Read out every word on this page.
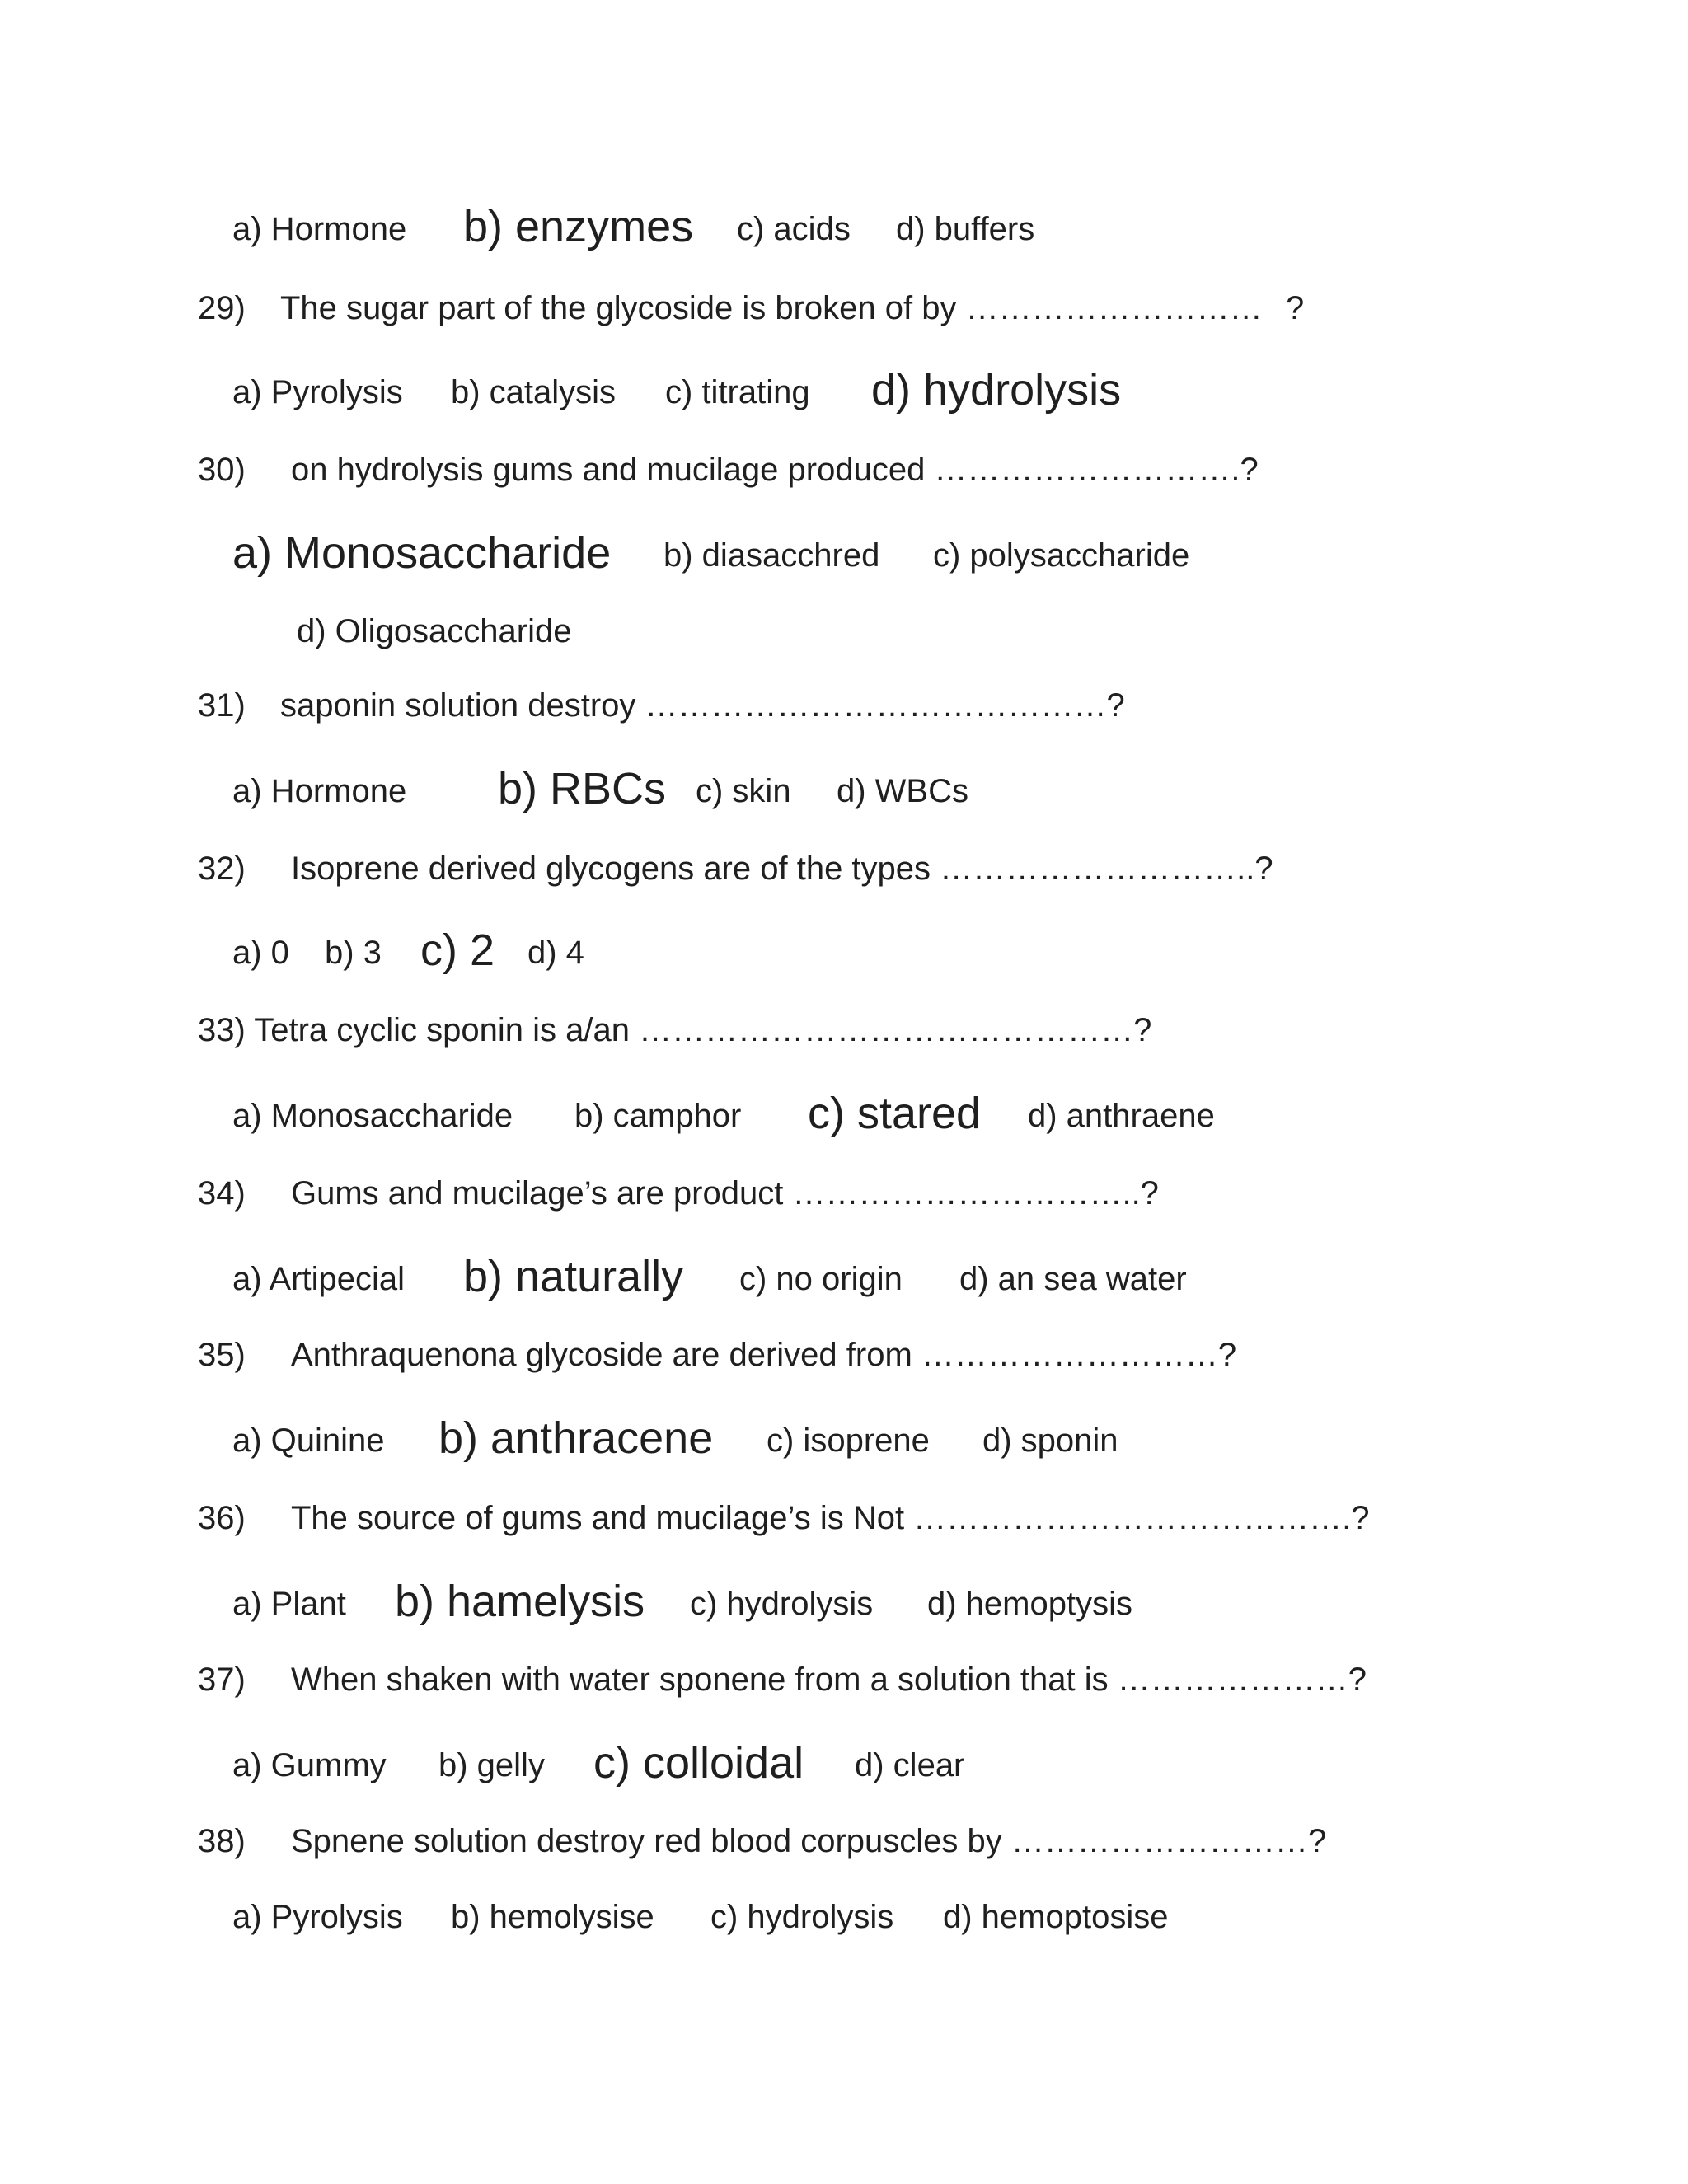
a) Hormone b) enzymes c) acids d) buffers
29) The sugar part of the glycoside is broken of by ……………………… ?
a) Pyrolysis b) catalysis c) titrating d) hydrolysis
30) on hydrolysis gums and mucilage produced ……………………….?
a) Monosaccharide b) diasacchred c) polysaccharide
d) Oligosaccharide
31) saponin solution destroy ……………………………………?
a) Hormone b) RBCs c) skin d) WBCs
32) Isoprene derived glycogens are of the types ………………………..?
a) 0 b) 3 c) 2 d) 4
33) Tetra cyclic sponin is a/an ………………………………………?
a) Monosaccharide b) camphor c) stared d) anthraene
34) Gums and mucilage’s are product …………………………..?
a) Artipecial b) naturally c) no origin d) an sea water
35) Anthraquenona glycoside are derived from ………………………?
a) Quinine b) anthracene c) isoprene d) sponin
36) The source of gums and mucilage’s is Not ………………………………….?
a) Plant b) hamelysis c) hydrolysis d) hemoptysis
37) When shaken with water sponene from a solution that is …………………?
a) Gummy b) gelly c) colloidal d) clear
38) Spnene solution destroy red blood corpuscles by ………………………?
a) Pyrolysis b) hemolysise c) hydrolysis d) hemoptosise
